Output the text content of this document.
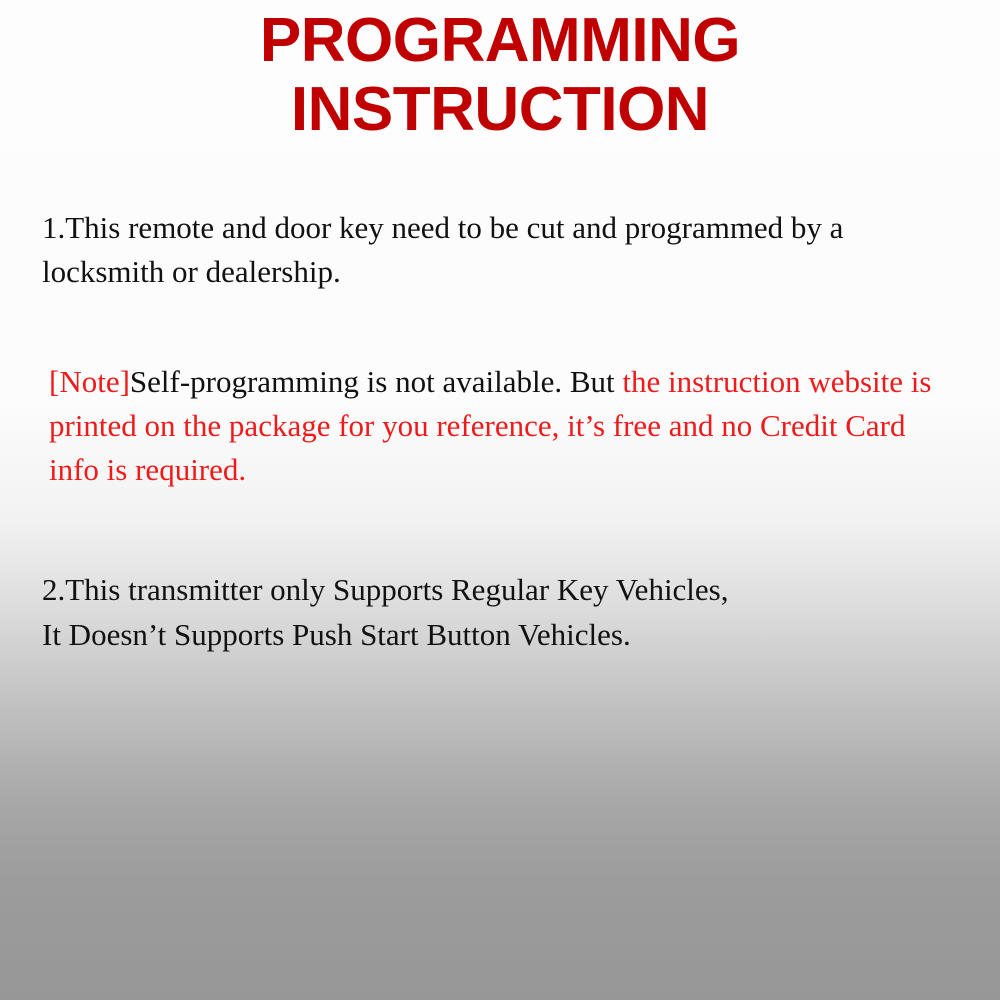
PROGRAMMING
INSTRUCTION

1.This remote and door key need to be cut and programmed by a locksmith or dealership.

[Note]Self-programming is not available. But the instruction website is printed on the package for you reference, it’s free and no Credit Card info is required.

2.This transmitter only Supports Regular Key Vehicles,
It Doesn’t Supports Push Start Button Vehicles.
